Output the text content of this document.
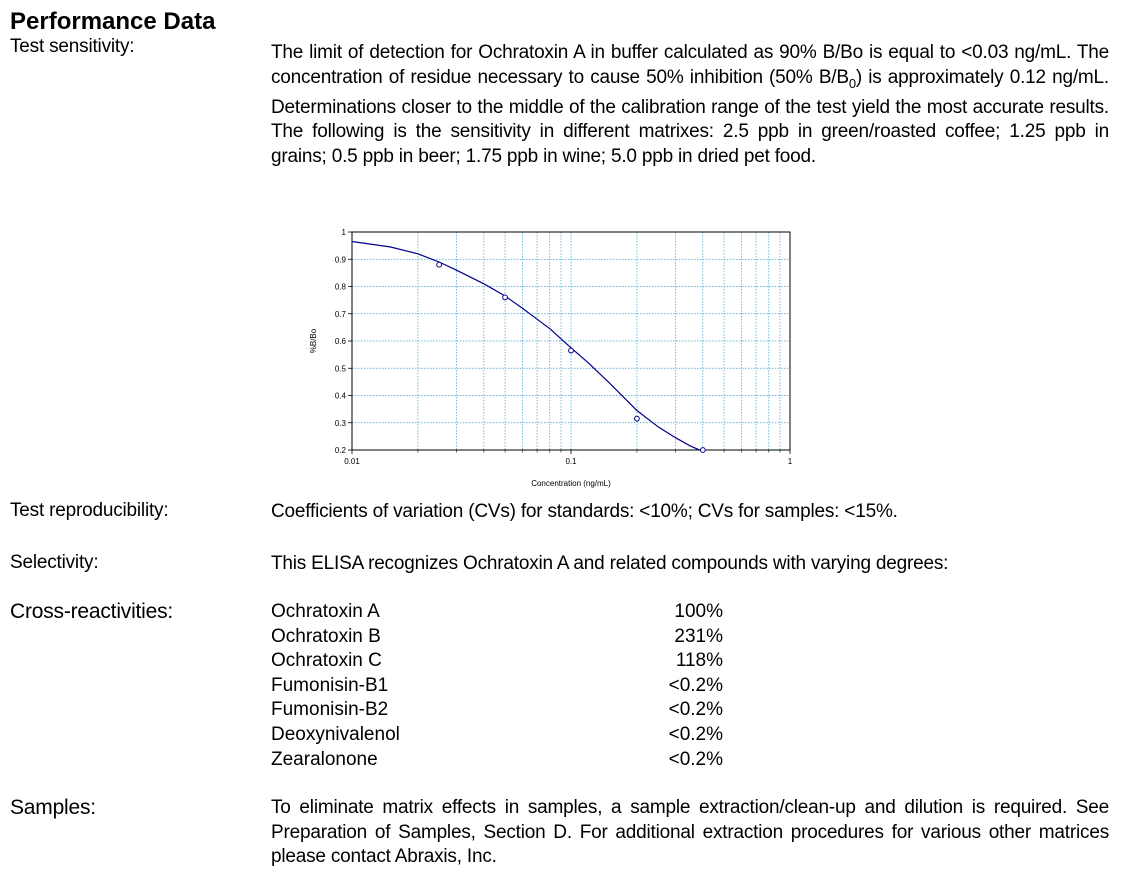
Performance Data
Test sensitivity:	The limit of detection for Ochratoxin A in buffer calculated as 90% B/Bo is equal to <0.03 ng/mL. The concentration of residue necessary to cause 50% inhibition (50% $B/B_0$) is approximately 0.12 ng/mL. Determinations closer to the middle of the calibration range of the test yield the most accurate results. The following is the sensitivity in different matrixes: 2.5 ppb in green/roasted coffee; 1.25 ppb in grains; 0.5 ppb in beer; 1.75 ppb in wine; 5.0 ppb in dried pet food.
0.2
0.3
0.4
0.5
0.6
0.7
0.8
0.9
1
0.01	0.1	1
Concentration (ng/mL)
%B/Bo
Test reproducibility:	Coefficients of variation (CVs) for standards: <10%; CVs for samples: <15%.
Selectivity:	This ELISA recognizes Ochratoxin A and related compounds with varying degrees:
Cross-reactivities:	Ochratoxin A	100%
Ochratoxin B	231%
Ochratoxin C	118%
Fumonisin-B1	<0.2%
Fumonisin-B2	<0.2%
Deoxynivalenol	<0.2%
Zearalonone	<0.2%
Samples:	To eliminate matrix effects in samples, a sample extraction/clean-up and dilution is required. See Preparation of Samples, Section D. For additional extraction procedures for various other matrices please contact Abraxis, Inc.
